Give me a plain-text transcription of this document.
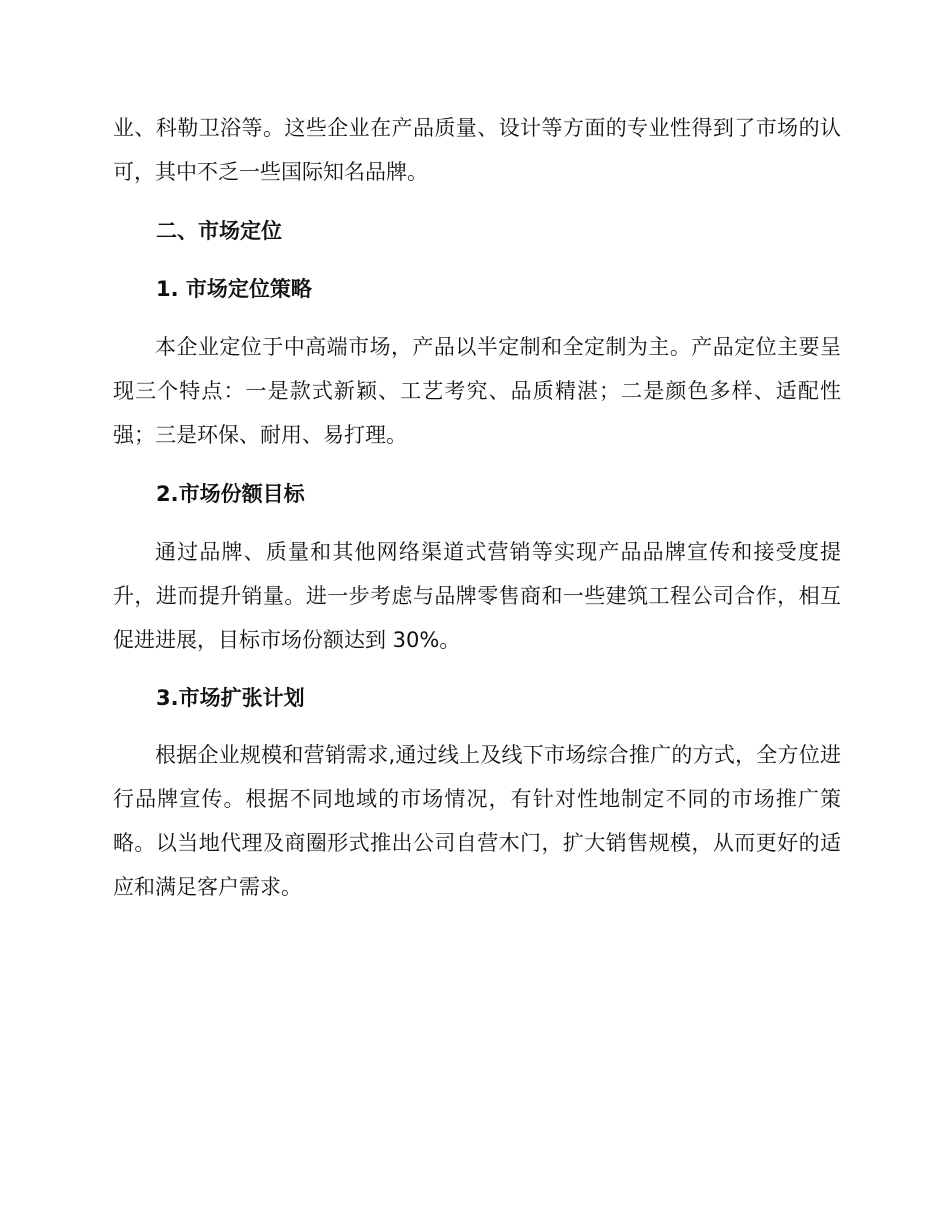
业、科勒卫浴等。这些企业在产品质量、设计等方面的专业性得到了市场的认可，其中不乏一些国际知名品牌。

二、市场定位
1. 市场定位策略

本企业定位于中高端市场，产品以半定制和全定制为主。产品定位主要呈现三个特点：一是款式新颖、工艺考究、品质精湛；二是颜色多样、适配性强；三是环保、耐用、易打理。

2.市场份额目标

通过品牌、质量和其他网络渠道式营销等实现产品品牌宣传和接受度提升，进而提升销量。进一步考虑与品牌零售商和一些建筑工程公司合作，相互促进进展，目标市场份额达到 30%。

3.市场扩张计划

根据企业规模和营销需求,通过线上及线下市场综合推广的方式，全方位进行品牌宣传。根据不同地域的市场情况，有针对性地制定不同的市场推广策略。以当地代理及商圈形式推出公司自营木门，扩大销售规模，从而更好的适应和满足客户需求。
